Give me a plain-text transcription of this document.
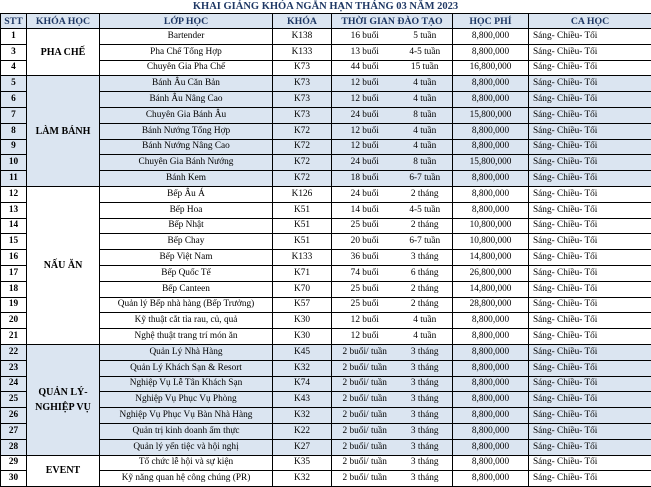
KHAI GIẢNG KHÓA NGẮN HẠN THÁNG 03 NĂM 2023
STT	KHÓA HỌC	LỚP HỌC	KHÓA	THỜI GIAN ĐÀO TẠO		HỌC PHÍ	CA HỌC
1	PHA CHẾ	Bartender	K138	16 buổi	5 tuần	8,800,000	Sáng- Chiều- Tối
3		Pha Chế Tổng Hợp	K133	13 buổi	4-5 tuần	8,800,000	Sáng- Chiều- Tối
4		Chuyên Gia Pha Chế	K73	44 buổi	15 tuần	16,800,000	Sáng- Chiều- Tối
5	LÀM BÁNH	Bánh Âu Căn Bản	K73	12 buổi	4 tuần	8,800,000	Sáng- Chiều- Tối
6		Bánh Âu Nâng Cao	K73	12 buổi	4 tuần	8,800,000	Sáng- Chiều- Tối
7		Chuyên Gia Bánh Âu	K73	24 buổi	8 tuần	15,800,000	Sáng- Chiều- Tối
8		Bánh Nướng Tổng Hợp	K72	12 buổi	4 tuần	8,800,000	Sáng- Chiều- Tối
9		Bánh Nướng Nâng Cao	K72	12 buổi	4 tuần	8,800,000	Sáng- Chiều- Tối
10		Chuyên Gia Bánh Nướng	K72	24 buổi	8 tuần	15,800,000	Sáng- Chiều- Tối
11		Bánh Kem	K72	18 buổi	6-7 tuần	8,800,000	Sáng- Chiều- Tối
12	NẤU ĂN	Bếp Âu Á	K126	24 buổi	2 tháng	8,800,000	Sáng- Chiều- Tối
13		Bếp Hoa	K51	14 buổi	4-5 tuần	8,800,000	Sáng- Chiều- Tối
14		Bếp Nhật	K51	25 buổi	2 tháng	10,800,000	Sáng- Chiều- Tối
15		Bếp Chay	K51	20 buổi	6-7 tuần	10,800,000	Sáng- Chiều- Tối
16		Bếp Việt Nam	K133	36 buổi	3 tháng	14,800,000	Sáng- Chiều- Tối
17		Bếp Quốc Tế	K71	74 buổi	6 tháng	26,800,000	Sáng- Chiều- Tối
18		Bếp Canteen	K70	25 buổi	2 tháng	14,800,000	Sáng- Chiều- Tối
19		Quản lý Bếp nhà hàng (Bếp Trưởng)	K57	25 buổi	2 tháng	28,800,000	Sáng- Chiều- Tối
20		Kỹ thuật cắt tỉa rau, củ, quả	K30	12 buổi	4 tuần	8,800,000	Sáng- Chiều- Tối
21		Nghệ thuật trang trí món ăn	K30	12 buổi	4 tuần	8,800,000	Sáng- Chiều- Tối
22	QUẢN LÝ-NGHIỆP VỤ	Quản Lý Nhà Hàng	K45	2 buổi/ tuần	3 tháng	8,800,000	Sáng- Chiều- Tối
23		Quản Lý Khách Sạn & Resort	K32	2 buổi/ tuần	3 tháng	8,800,000	Sáng- Chiều- Tối
24		Nghiệp Vụ Lễ Tân Khách Sạn	K74	2 buổi/ tuần	3 tháng	8,800,000	Sáng- Chiều- Tối
25		Nghiệp Vụ Phục Vụ Phòng	K43	2 buổi/ tuần	3 tháng	8,800,000	Sáng- Chiều- Tối
26		Nghiệp Vụ Phục Vụ Bàn Nhà Hàng	K32	2 buổi/ tuần	3 tháng	8,800,000	Sáng- Chiều- Tối
27		Quản trị kinh doanh ẩm thực	K22	2 buổi/ tuần	3 tháng	8,800,000	Sáng- Chiều- Tối
28		Quản lý yến tiệc và hội nghị	K27	2 buổi/ tuần	3 tháng	8,800,000	Sáng- Chiều- Tối
29	EVENT	Tổ chức lễ hội và sự kiện	K35	2 buổi/ tuần	3 tháng	8,800,000	Sáng- Chiều- Tối
30		Kỹ năng quan hệ công chúng (PR)	K32	2 buổi/ tuần	3 tháng	8,800,000	Sáng- Chiều- Tối
